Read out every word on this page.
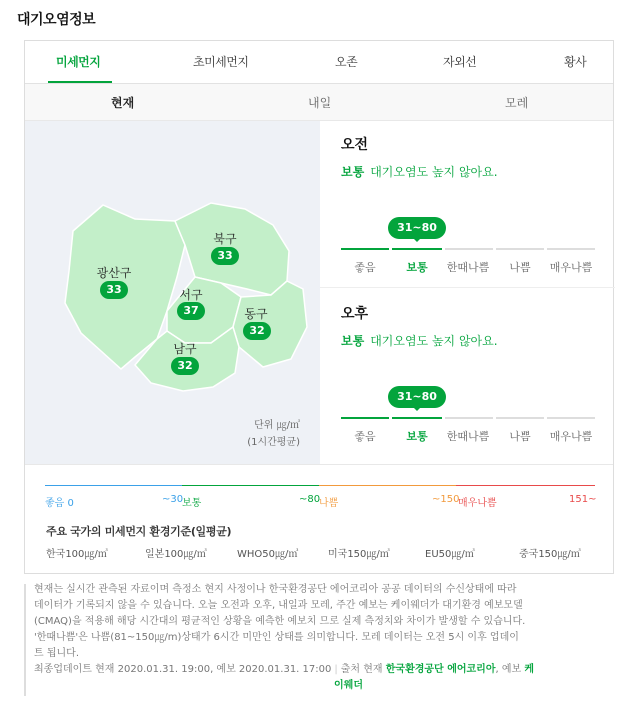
대기오염정보
미세먼지	초미세먼지	오존	자외선	황사
현재	내일	모레
광산구
33
북구
33
서구
37	동구
32
남구
32
단위 ㎍/㎥
(1시간평균)
오전
보통 대기오염도 높지 않아요.
31~80
좋음	보통	한때나쁨	나쁨	매우나쁨
오후
보통 대기오염도 높지 않아요.
31~80
좋음	보통	한때나쁨	나쁨	매우나쁨
좋음 0	~30
보통	~80
나쁨	~150
매우나쁨	151~
주요 국가의 미세먼지 환경기준(일평균)
한국100㎍/㎥	일본100㎍/㎥	WHO50㎍/㎥	미국150㎍/㎥	EU50㎍/㎥	중국150㎍/㎥

현재는 실시간 관측된 자료이며 측정소 현지 사정이나 한국환경공단 에어코리아 공공 데이터의 수신상태에 따라

데이터가 기록되지 않을 수 있습니다. 오늘 오전과 오후, 내일과 모레, 주간 예보는 케이웨더가 대기환경 예보모델

(CMAQ)을 적용해 해당 시간대의 평균적인 상황을 예측한 예보치 므로 실제 측정치와 차이가 발생할 수 있습니다.

'한때나쁨'은 나쁨(81~150㎍/m)상태가 6시간 미만인 상태를 의미합니다. 모레 데이터는 오전 5시 이후 업데이

트 됩니다.

최종업데이트 현재 2020.01.31. 19:00, 예보 2020.01.31. 17:00 | 출처 현재 한국환경공단 에어코리아, 예보 케

이웨더
